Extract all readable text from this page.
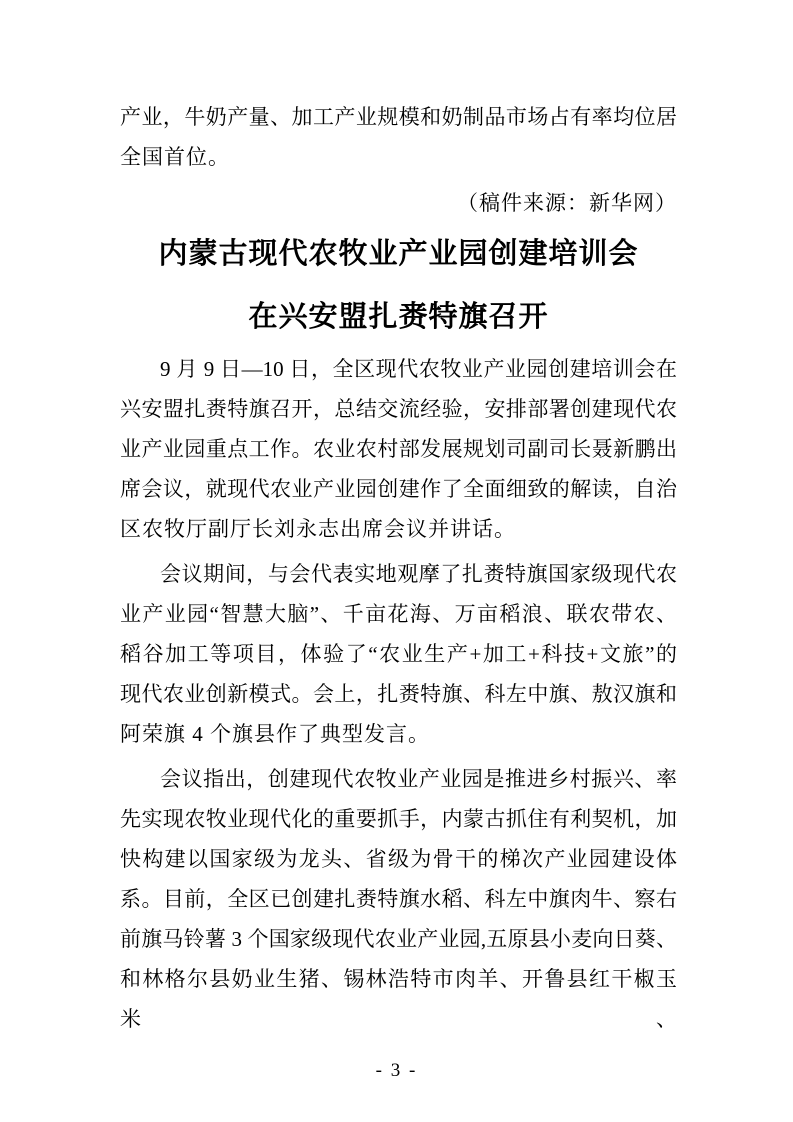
产业，牛奶产量、加工产业规模和奶制品市场占有率均位居
全国首位。
（稿件来源：新华网）
内蒙古现代农牧业产业园创建培训会
在兴安盟扎赉特旗召开
9 月 9 日—10 日，全区现代农牧业产业园创建培训会在
兴安盟扎赉特旗召开，总结交流经验，安排部署创建现代农
业产业园重点工作。农业农村部发展规划司副司长聂新鹏出
席会议，就现代农业产业园创建作了全面细致的解读，自治
区农牧厅副厅长刘永志出席会议并讲话。
会议期间，与会代表实地观摩了扎赉特旗国家级现代农
业产业园“智慧大脑”、千亩花海、万亩稻浪、联农带农、
稻谷加工等项目，体验了“农业生产+加工+科技+文旅”的
现代农业创新模式。会上，扎赉特旗、科左中旗、敖汉旗和
阿荣旗 4 个旗县作了典型发言。
会议指出，创建现代农牧业产业园是推进乡村振兴、率
先实现农牧业现代化的重要抓手，内蒙古抓住有利契机，加
快构建以国家级为龙头、省级为骨干的梯次产业园建设体
系。目前，全区已创建扎赉特旗水稻、科左中旗肉牛、察右
前旗马铃薯 3 个国家级现代农业产业园,五原县小麦向日葵、
和林格尔县奶业生猪、锡林浩特市肉羊、开鲁县红干椒玉米、
- 3 -
